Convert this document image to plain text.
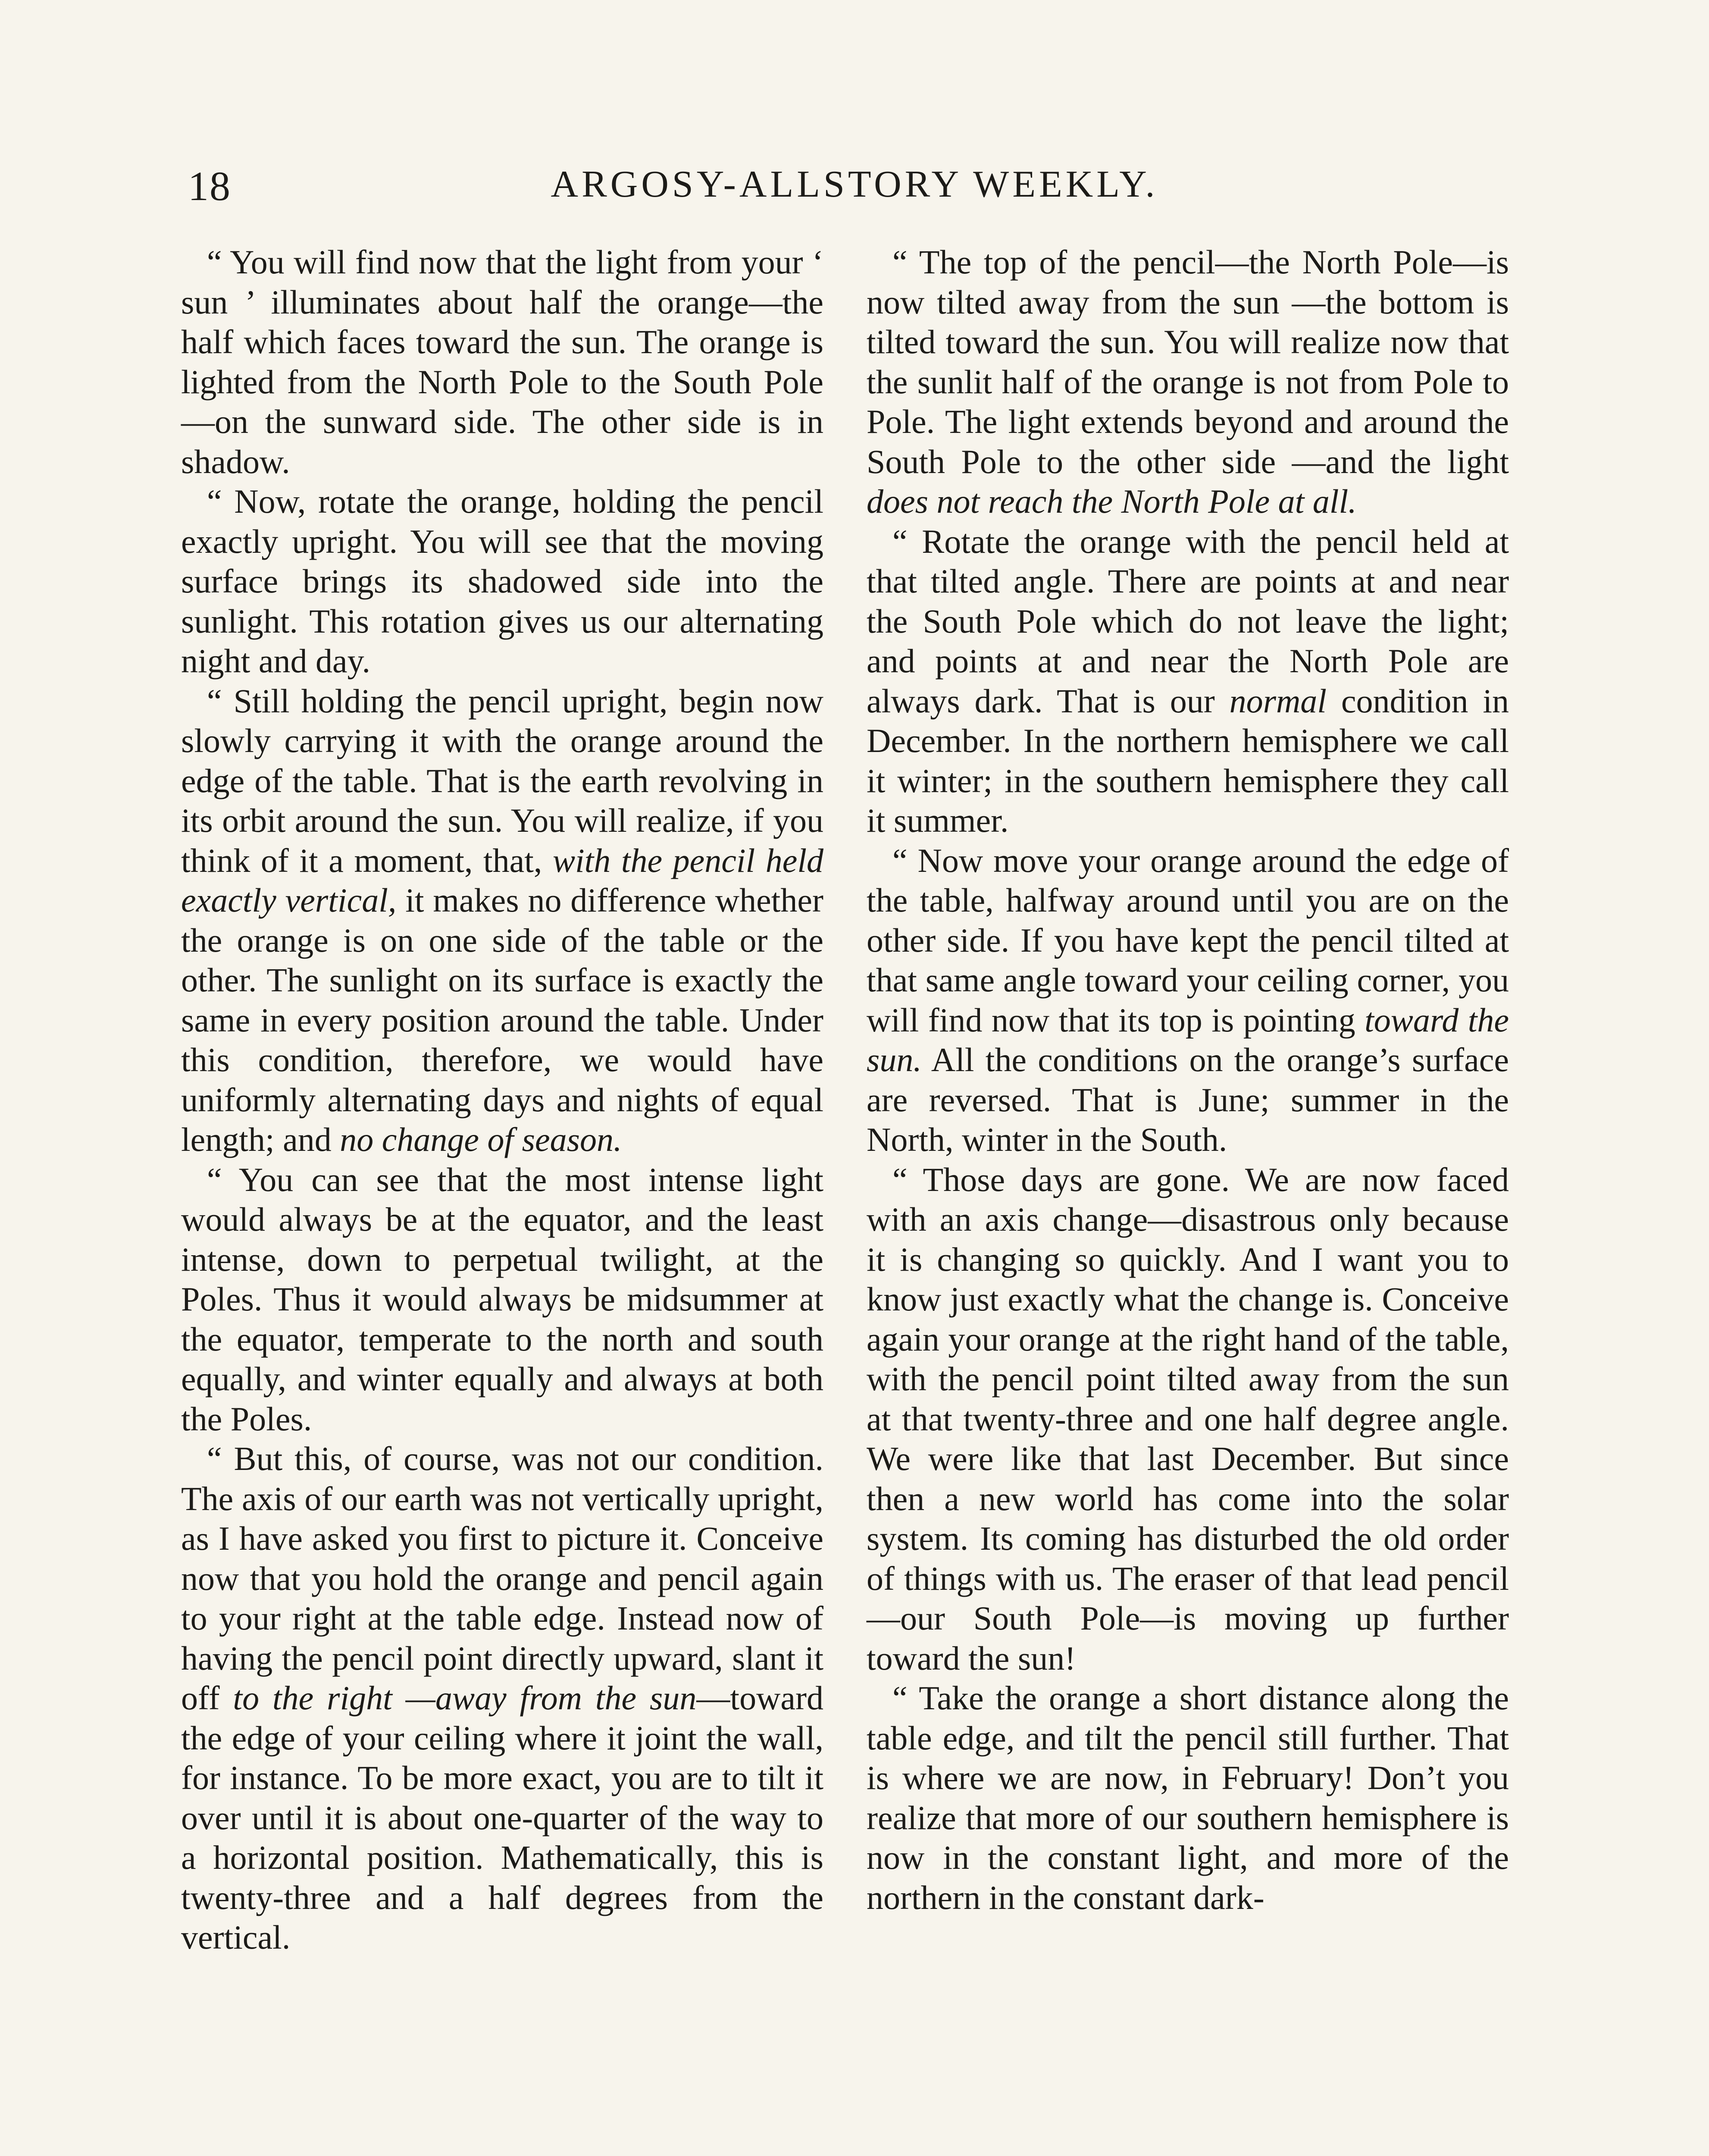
18	ARGOSY-ALLSTORY WEEKLY.

“ You will find now that the light from your ‘ sun ’ illuminates about half the orange—the half which faces toward the sun. The orange is lighted from the North Pole to the South Pole —on the sunward side. The other side is in shadow.

“ Now, rotate the orange, holding the pencil exactly upright. You will see that the moving surface brings its shadowed side into the sunlight. This rotation gives us our alternating night and day.

“ Still holding the pencil upright, begin now slowly carrying it with the orange around the edge of the table. That is the earth revolving in its orbit around the sun. You will realize, if you think of it a moment, that, with the pencil held exactly vertical, it makes no difference whether the orange is on one side of the table or the other. The sunlight on its surface is exactly the same in every position around the table. Under this condition, therefore, we would have uniformly alternating days and nights of equal length; and no change of season.

“ You can see that the most intense light would always be at the equator, and the least intense, down to perpetual twilight, at the Poles. Thus it would always be midsummer at the equator, temperate to the north and south equally, and winter equally and always at both the Poles.

“ But this, of course, was not our condition. The axis of our earth was not vertically upright, as I have asked you first to picture it. Conceive now that you hold the orange and pencil again to your right at the table edge. Instead now of having the pencil point directly upward, slant it off to the right —away from the sun—toward the edge of your ceiling where it joint the wall, for instance. To be more exact, you are to tilt it over until it is about one-quarter of the way to a horizontal position. Mathematically, this is twenty-three and a half degrees from the vertical.

“ The top of the pencil—the North Pole—is now tilted away from the sun —the bottom is tilted toward the sun. You will realize now that the sunlit half of the orange is not from Pole to Pole. The light extends beyond and around the South Pole to the other side —and the light does not reach the North Pole at all.

“ Rotate the orange with the pencil held at that tilted angle. There are points at and near the South Pole which do not leave the light; and points at and near the North Pole are always dark. That is our normal condition in December. In the northern hemisphere we call it winter; in the southern hemisphere they call it summer.

“ Now move your orange around the edge of the table, halfway around until you are on the other side. If you have kept the pencil tilted at that same angle toward your ceiling corner, you will find now that its top is pointing toward the sun. All the conditions on the orange’s surface are reversed. That is June; summer in the North, winter in the South.

“ Those days are gone. We are now faced with an axis change—disastrous only because it is changing so quickly. And I want you to know just exactly what the change is. Conceive again your orange at the right hand of the table, with the pencil point tilted away from the sun at that twenty-three and one half degree angle. We were like that last December. But since then a new world has come into the solar system. Its coming has disturbed the old order of things with us. The eraser of that lead pencil—our South Pole—is moving up further toward the sun!

“ Take the orange a short distance along the table edge, and tilt the pencil still further. That is where we are now, in February! Don’t you realize that more of our southern hemisphere is now in the constant light, and more of the northern in the constant dark-
